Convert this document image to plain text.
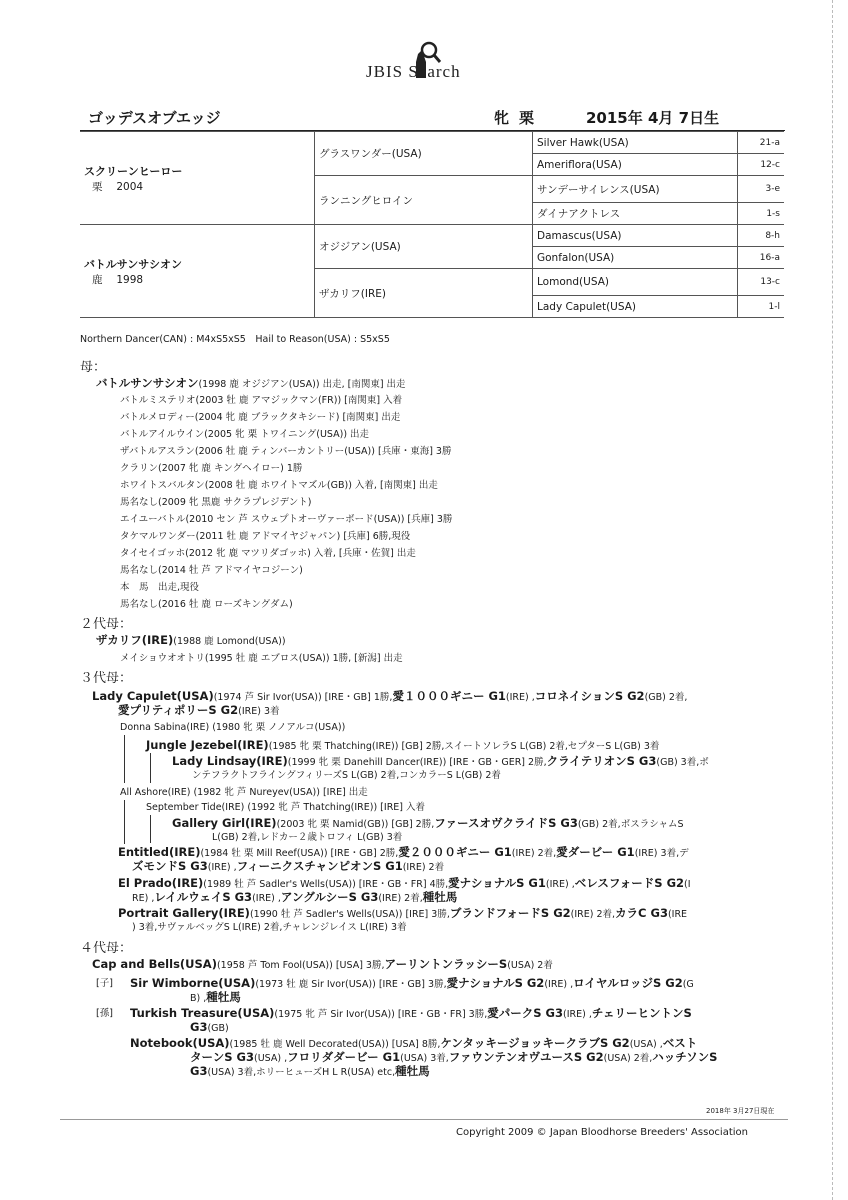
JBIS Search
ゴッデスオブエッジ	牝栗	2015年 4月 7日生
スクリーンヒーロー
栗　 2004	グラスワンダー(USA)	Silver Hawk(USA)	21-a
		Ameriflora(USA)	12-c
	ランニングヒロイン	サンデーサイレンス(USA)	3-e
		ダイナアクトレス	1-s

バトルサンサシオン
鹿　 1998	オジジアン(USA)	Damascus(USA)	8-h
		Gonfalon(USA)	16-a
	ザカリフ(IRE)	Lomond(USA)	13-c
		Lady Capulet(USA)	1-l
Northern Dancer(CAN) : M4xS5xS5　Hail to Reason(USA) : S5xS5
母：
バトルサンサシオン(1998 鹿 オジジアン(USA)) 出走, [南関東] 出走
バトルミステリオ(2003 牡 鹿 アマジックマン(FR)) [南関東] 入着
バトルメロディー(2004 牝 鹿 ブラックタキシード) [南関東] 出走
バトルアイルウイン(2005 牝 栗 トワイニング(USA)) 出走
ザバトルアスラン(2006 牡 鹿 ティンバーカントリー(USA)) [兵庫・東海] 3勝
クラリン(2007 牝 鹿 キングヘイロー) 1勝
ホワイトスバルタン(2008 牡 鹿 ホワイトマズル(GB)) 入着, [南関東] 出走
馬名なし(2009 牝 黒鹿 サクラプレジデント)
エイユーバトル(2010 セン 芦 スウェプトオーヴァーボード(USA)) [兵庫] 3勝
タケマルワンダー(2011 牡 鹿 アドマイヤジャパン) [兵庫] 6勝,現役
タイセイゴッホ(2012 牝 鹿 マツリダゴッホ) 入着, [兵庫・佐賀] 出走
馬名なし(2014 牡 芦 アドマイヤコジーン)
本　馬　出走,現役
馬名なし(2016 牡 鹿 ローズキングダム)
２代母：
ザカリフ(IRE)(1988 鹿 Lomond(USA))
メイショウオオトリ(1995 牡 鹿 エブロス(USA)) 1勝, [新潟] 出走
３代母：
Lady Capulet(USA)(1974 芦 Sir Ivor(USA)) [IRE・GB] 1勝,愛１０００ギニー G1(IRE) ,コロネイションS G2(GB) 2着,
愛プリティポリーS G2(IRE) 3着
Donna Sabina(IRE) (1980 牝 栗 ノノアルコ(USA))
Jungle Jezebel(IRE)(1985 牝 栗 Thatching(IRE)) [GB] 2勝,スイートソレラS L(GB) 2着,セプターS L(GB) 3着
Lady Lindsay(IRE)(1999 牝 栗 Danehill Dancer(IRE)) [IRE・GB・GER] 2勝,クライテリオンS G3(GB) 3着,ボ
ンテフラクトフライングフィリーズS L(GB) 2着,コンカラーS L(GB) 2着
All Ashore(IRE) (1982 牝 芦 Nureyev(USA)) [IRE] 出走
September Tide(IRE) (1992 牝 芦 Thatching(IRE)) [IRE] 入着
Gallery Girl(IRE)(2003 牝 栗 Namid(GB)) [GB] 2勝,ファースオヴクライドS G3(GB) 2着,ボスラシャムS
L(GB) 2着,レドカー２歳トロフィ L(GB) 3着
Entitled(IRE)(1984 牡 栗 Mill Reef(USA)) [IRE・GB] 2勝,愛２０００ギニー G1(IRE) 2着,愛ダービー G1(IRE) 3着,デ
ズモンドS G3(IRE) ,フィーニクスチャンピオンS G1(IRE) 2着
El Prado(IRE)(1989 牡 芦 Sadler's Wells(USA)) [IRE・GB・FR] 4勝,愛ナショナルS G1(IRE) ,ベレスフォードS G2(I
RE) ,レイルウェイS G3(IRE) ,アングルシーS G3(IRE) 2着,種牡馬
Portrait Gallery(IRE)(1990 牡 芦 Sadler's Wells(USA)) [IRE] 3勝,ブランドフォードS G2(IRE) 2着,カラC G3(IRE
) 3着,サヴァルベッグS L(IRE) 2着,チャレンジレイス L(IRE) 3着
４代母：
Cap and Bells(USA)(1958 芦 Tom Fool(USA)) [USA] 3勝,アーリントンラッシーS(USA) 2着
[子] Sir Wimborne(USA)(1973 牡 鹿 Sir Ivor(USA)) [IRE・GB] 3勝,愛ナショナルS G2(IRE) ,ロイヤルロッジS G2(G
B) ,種牡馬
[孫] Turkish Treasure(USA)(1975 牝 芦 Sir Ivor(USA)) [IRE・GB・FR] 3勝,愛パークS G3(IRE) ,チェリーヒントンS
G3(GB)
Notebook(USA)(1985 牡 鹿 Well Decorated(USA)) [USA] 8勝,ケンタッキージョッキークラブS G2(USA) ,ベスト
ターンS G3(USA) ,フロリダダービー G1(USA) 3着,ファウンテンオヴユースS G2(USA) 2着,ハッチソンS
G3(USA) 3着,ホリーヒューズH L R(USA) etc,種牡馬
2018年 3月27日現在
Copyright 2009 © Japan Bloodhorse Breeders' Association
